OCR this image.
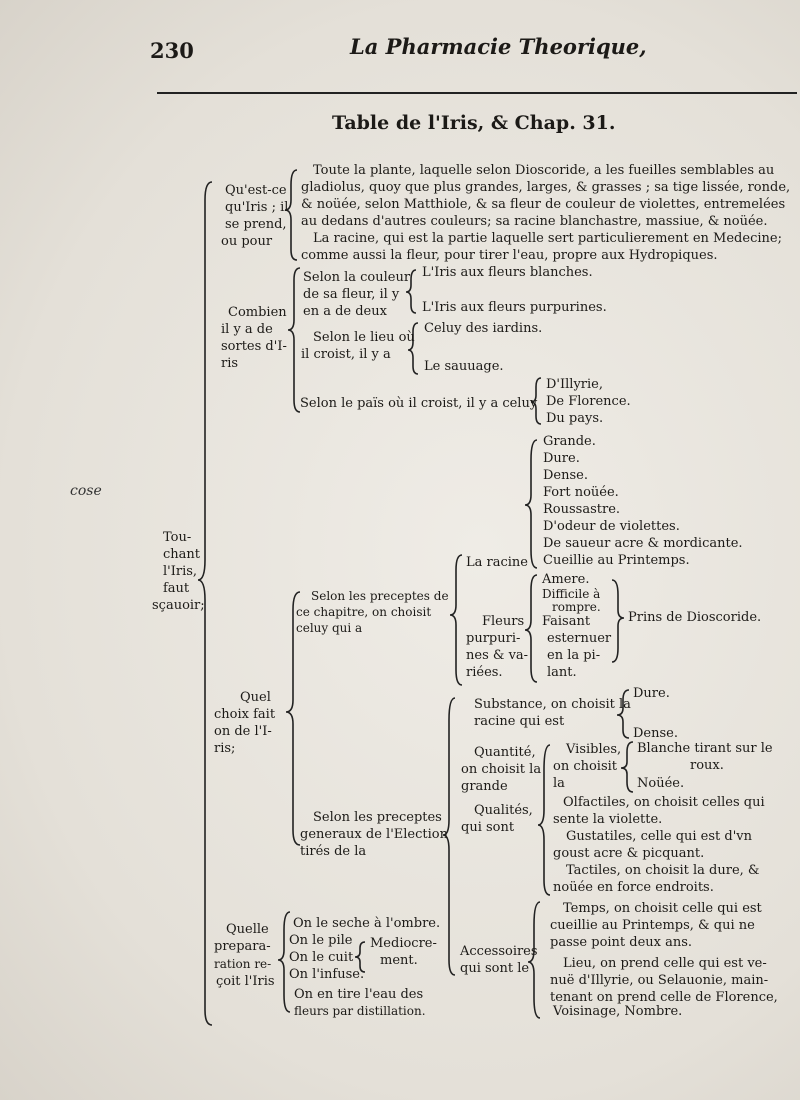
230	La Pharmacie Theorique,
Table de l'Iris, & Chap. 31.
cose
Tou-
chant
l'Iris,
faut
sçauoir;
Qu'est-ce
qu'Iris ; il
se prend,
ou pour
Toute la plante, laquelle selon Dioscoride, a les fueilles semblables au
gladiolus, quoy que plus grandes, larges, & grasses ; sa tige lissée, ronde,
& noüée, selon Matthiole, & sa fleur de couleur de violettes, entremelées
au dedans d'autres couleurs; sa racine blanchastre, massiue, & noüée.
La racine, qui est la partie laquelle sert particulierement en Medecine;
comme aussi la fleur, pour tirer l'eau, propre aux Hydropiques.
Combien
il y a de
sortes d'I-
ris
Selon la couleur
de sa fleur, il y
en a de deux
L'Iris aux fleurs blanches.
L'Iris aux fleurs purpurines.
Selon le lieu où
il croist, il y a
Celuy des iardins.
Le sauuage.
Selon le païs où il croist, il y a celuy
D'Illyrie,
De Florence.
Du pays.
Quel
choix fait
on de l'I-
ris;
Selon les preceptes de
ce chapitre, on choisit
celuy qui a
La racine
Grande.
Dure.
Dense.
Fort noüée.
Roussastre.
D'odeur de violettes.
De saueur acre & mordicante.
Cueillie au Printemps.
Fleurs
purpuri-
nes & va-
riées.
Amere.
Difficile à
rompre.
Faisant
esternuer
en la pi-
lant.
Prins de Dioscoride.
Selon les preceptes
generaux de l'Election
tirés de la
Substance, on choisit la
racine qui est
Dure.
Dense.
Quantité,
on choisit la
grande
Qualités,
qui sont
Visibles,
on choisit
la
Blanche tirant sur le
roux.
Noüée.
Olfactiles, on choisit celles qui
sente la violette.
Gustatiles, celle qui est d'vn
goust acre & picquant.
Tactiles, on choisit la dure, &
noüée en force endroits.
Accessoires
qui sont le
Temps, on choisit celle qui est
cueillie au Printemps, & qui ne
passe point deux ans.
Lieu, on prend celle qui est ve-
nuë d'Illyrie, ou Selauonie, main-
tenant on prend celle de Florence,
Voisinage, Nombre.
Quelle
prepara-
ration re-
çoit l'Iris
On le seche à l'ombre.
On le pile
On le cuit
On l'infuse.
On en tire l'eau des
fleurs par distillation.
Mediocre-
ment.
